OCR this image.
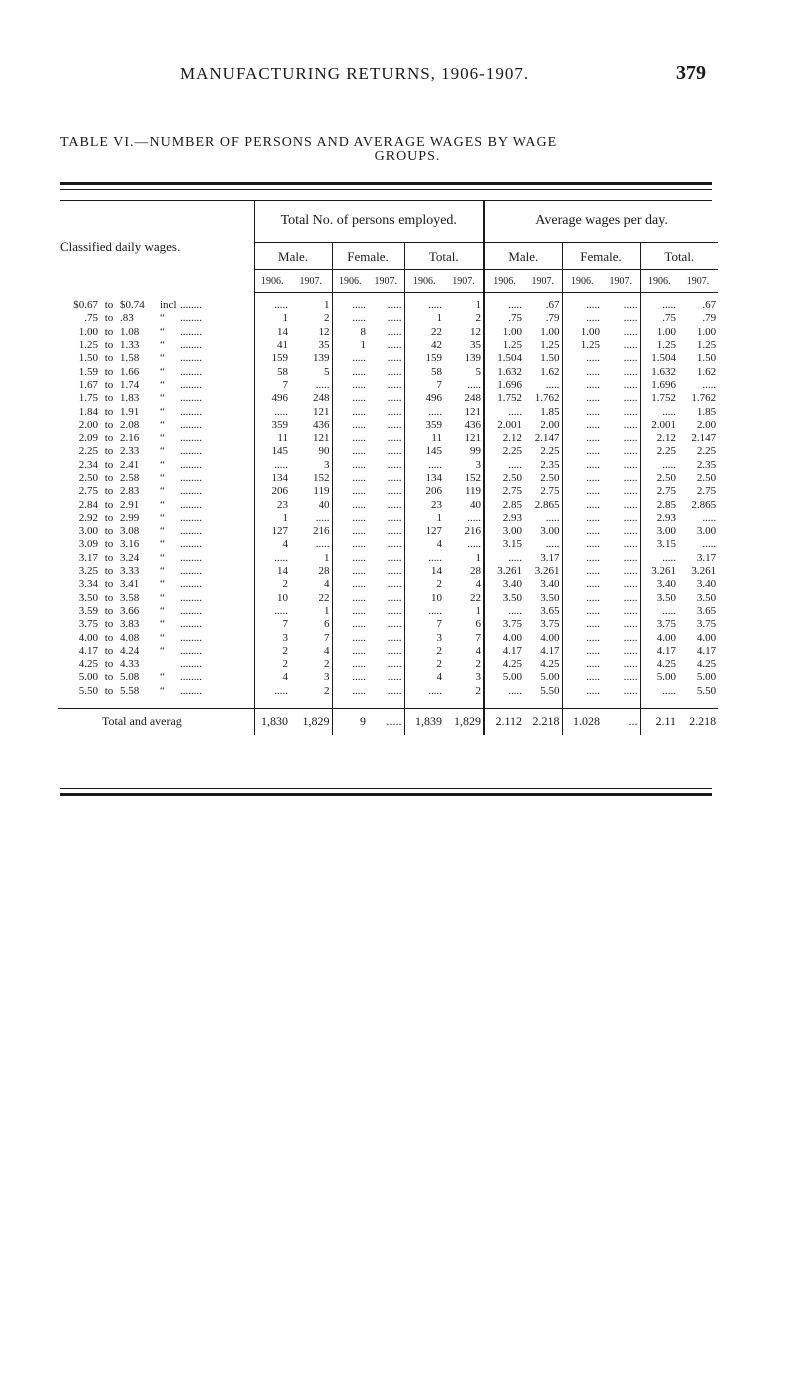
MANUFACTURING RETURNS, 1906-1907.	379
TABLE VI.—NUMBER OF PERSONS AND AVERAGE WAGES BY WAGE
GROUPS.
Classified daily wages.	Total No. of persons employed.						Average wages per day.					
	Male.		Female.		Total.		Male.		Female.		Total.	
	1906.	1907.	1906.	1907.	1906.	1907.	1906.	1907.	1906.	1907.	1906.	1907.
$0.67 to $0.74 incl ........	.....	1	.....	.....	.....	1	.....	.67	.....	.....	.....	.67
.75 to .83 “ ........	1	2	.....	.....	1	2	.75	.79	.....	.....	.75	.79
1.00 to 1.08 “ ........	14	12	8	.....	22	12	1.00	1.00	1.00	.....	1.00	1.00
1.25 to 1.33 “ ........	41	35	1	.....	42	35	1.25	1.25	1.25	.....	1.25	1.25
1.50 to 1.58 “ ........	159	139	.....	.....	159	139	1.504	1.50	.....	.....	1.504	1.50
1.59 to 1.66 “ ........	58	5	.....	.....	58	5	1.632	1.62	.....	.....	1.632	1.62
1.67 to 1.74 “ ........	7	.....	.....	.....	7	.....	1.696	.....	.....	.....	1.696	.....
1.75 to 1.83 “ ........	496	248	.....	.....	496	248	1.752	1.762	.....	.....	1.752	1.762
1.84 to 1.91 “ ........	.....	121	.....	.....	.....	121	.....	1.85	.....	.....	.....	1.85
2.00 to 2.08 “ ........	359	436	.....	.....	359	436	2.001	2.00	.....	.....	2.001	2.00
2.09 to 2.16 “ ........	11	121	.....	.....	11	121	2.12	2.147	.....	.....	2.12	2.147
2.25 to 2.33 “ ........	145	90	.....	.....	145	99	2.25	2.25	.....	.....	2.25	2.25
2.34 to 2.41 “ ........	.....	3	.....	.....	.....	3	.....	2.35	.....	.....	.....	2.35
2.50 to 2.58 “ ........	134	152	.....	.....	134	152	2.50	2.50	.....	.....	2.50	2.50
2.75 to 2.83 “ ........	206	119	.....	.....	206	119	2.75	2.75	.....	.....	2.75	2.75
2.84 to 2.91 “ ........	23	40	.....	.....	23	40	2.85	2.865	.....	.....	2.85	2.865
2.92 to 2.99 “ ........	1	.....	.....	.....	1	.....	2.93	.....	.....	.....	2.93	.....
3.00 to 3.08 “ ........	127	216	.....	.....	127	216	3.00	3.00	.....	.....	3.00	3.00
3.09 to 3.16 “ ........	4	.....	.....	.....	4	.....	3.15	.....	.....	.....	3.15	.....
3.17 to 3.24 “ ........	.....	1	.....	.....	.....	1	.....	3.17	.....	.....	.....	3.17
3.25 to 3.33 “ ........	14	28	.....	.....	14	28	3.261	3.261	.....	.....	3.261	3.261
3.34 to 3.41 “ ........	2	4	.....	.....	2	4	3.40	3.40	.....	.....	3.40	3.40
3.50 to 3.58 “ ........	10	22	.....	.....	10	22	3.50	3.50	.....	.....	3.50	3.50
3.59 to 3.66 “ ........	.....	1	.....	.....	.....	1	.....	3.65	.....	.....	.....	3.65
3.75 to 3.83 “ ........	7	6	.....	.....	7	6	3.75	3.75	.....	.....	3.75	3.75
4.00 to 4.08 “ ........	3	7	.....	.....	3	7	4.00	4.00	.....	.....	4.00	4.00
4.17 to 4.24 “ ........	2	4	.....	.....	2	4	4.17	4.17	.....	.....	4.17	4.17
4.25 to 4.33 ........	2	2	.....	.....	2	2	4.25	4.25	.....	.....	4.25	4.25
5.00 to 5.08 “ ........	4	3	.....	.....	4	3	5.00	5.00	.....	.....	5.00	5.00
5.50 to 5.58 “ ........	.....	2	.....	.....	.....	2	.....	5.50	.....	.....	.....	5.50
Total and averag	1,830	1,829	9	.....	1,839	1,829	2.112	2.218	1.028	...	2.11	2.218
